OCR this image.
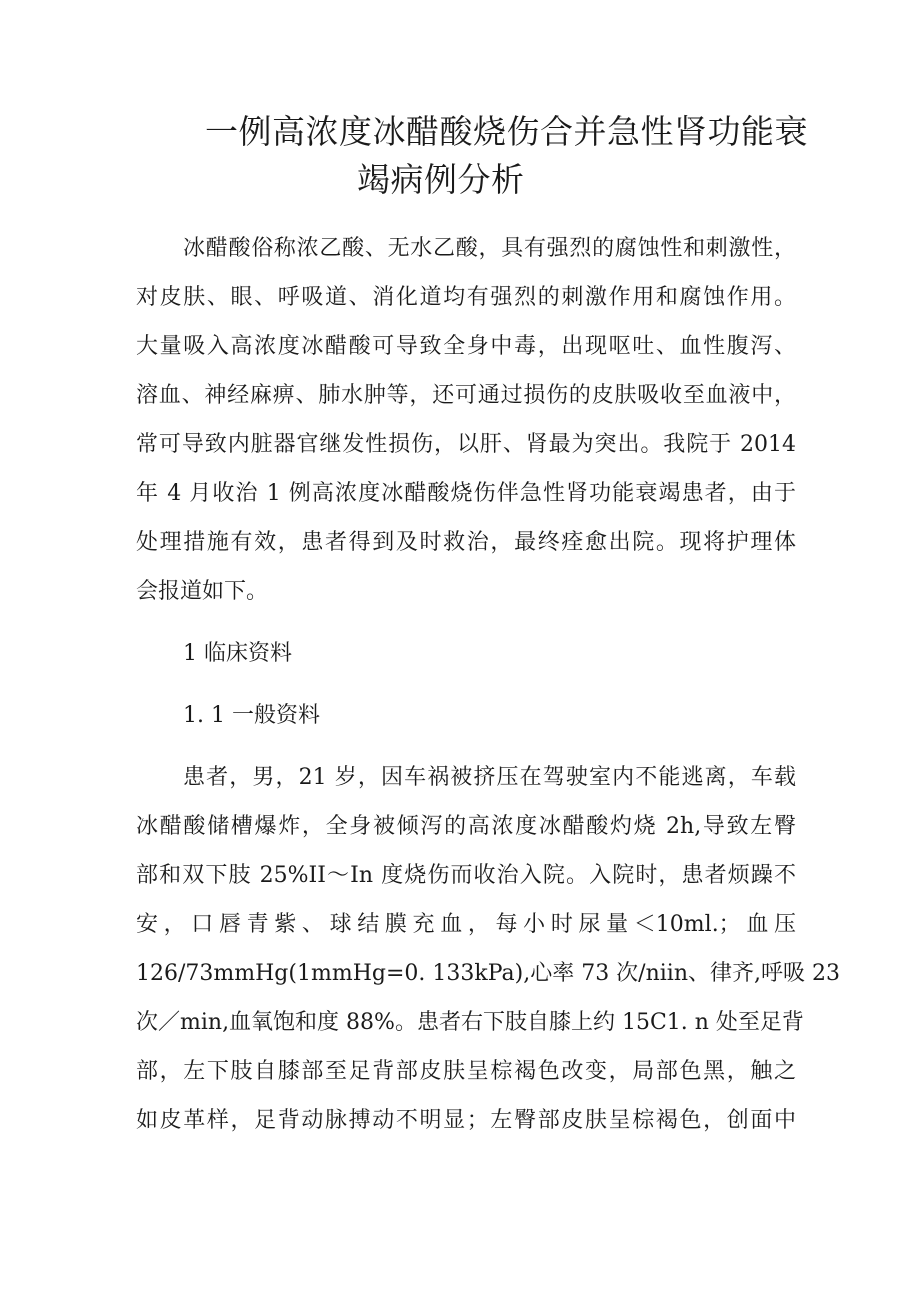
一例高浓度冰醋酸烧伤合并急性肾功能衰
竭病例分析

冰醋酸俗称浓乙酸、无水乙酸，具有强烈的腐蚀性和刺激性，

对皮肤、眼、呼吸道、消化道均有强烈的刺激作用和腐蚀作用。

大量吸入高浓度冰醋酸可导致全身中毒，出现呕吐、血性腹泻、

溶血、神经麻痹、肺水肿等，还可通过损伤的皮肤吸收至血液中，

常可导致内脏器官继发性损伤，以肝、肾最为突出。我院于 2014

年 4 月收治 1 例高浓度冰醋酸烧伤伴急性肾功能衰竭患者，由于

处理措施有效，患者得到及时救治，最终痊愈出院。现将护理体

会报道如下。

1 临床资料

1. 1 一般资料

患者，男，21 岁，因车祸被挤压在驾驶室内不能逃离，车载

冰醋酸储槽爆炸，全身被倾泻的高浓度冰醋酸灼烧 2h,导致左臀

部和双下肢 25%II～In 度烧伤而收治入院。入院时，患者烦躁不

安，口唇青紫、球结膜充血，每小时尿量＜10ml.；血压

126/73mmHg(1mmHg=0. 133kPa),心率 73 次/niin、律齐,呼吸 23

次／min,血氧饱和度 88%。患者右下肢自膝上约 15C1. n 处至足背

部，左下肢自膝部至足背部皮肤呈棕褐色改变，局部色黑，触之

如皮革样，足背动脉搏动不明显；左臀部皮肤呈棕褐色，创面中
